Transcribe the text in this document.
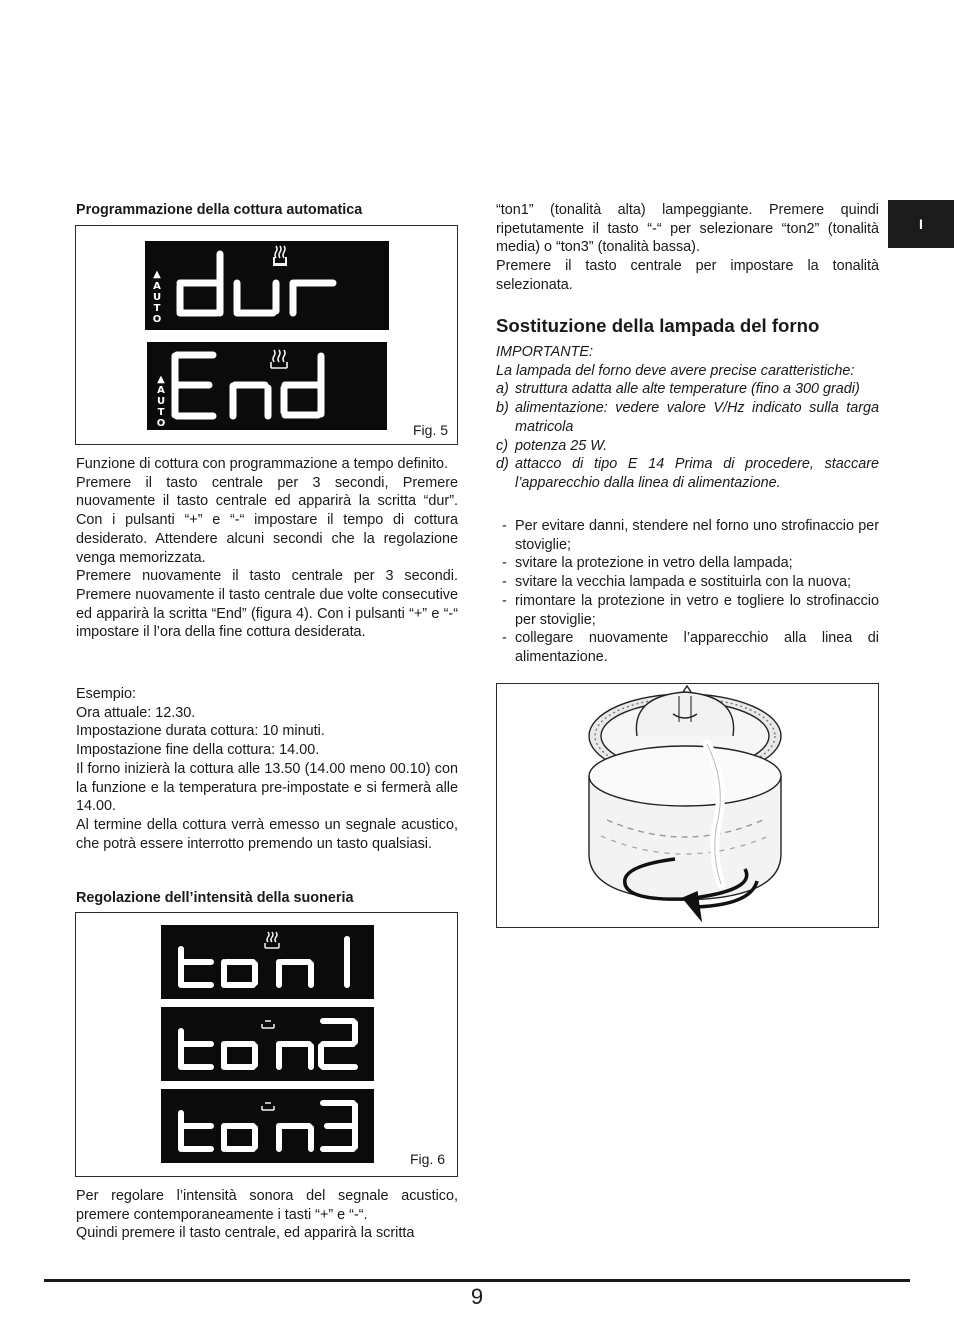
I

Programmazione della cottura automatica

▲
A
U
T
O
▲
A
U
T
O	Fig. 5

Funzione di cottura con programmazione a tempo definito.

Premere il tasto centrale per 3 secondi, Premere nuovamente il tasto centrale ed apparirà la scritta “dur”. Con i pulsanti “+” e “-“ impostare il tempo di cottura desiderato. Attendere alcuni secondi che la regolazione venga memorizzata.

Premere nuovamente il tasto centrale per 3 secondi. Premere nuovamente il tasto centrale due volte consecutive ed apparirà la scritta “End” (figura 4). Con i pulsanti “+” e “-“ impostare il l’ora della fine cottura desiderata.

Esempio:

Ora attuale: 12.30.

Impostazione durata cottura: 10 minuti.

Impostazione fine della cottura: 14.00.

Il forno inizierà la cottura alle 13.50 (14.00 meno 00.10) con la funzione e la temperatura pre-impostate e si fermerà alle 14.00.

Al termine della cottura verrà emesso un segnale acustico, che potrà essere interrotto premendo un tasto qualsiasi.

Regolazione dell’intensità della suoneria

Fig. 6

Per regolare l’intensità sonora del segnale acustico, premere contemporaneamente i tasti “+” e “-“.

Quindi premere il tasto centrale, ed apparirà la scritta

“ton1” (tonalità alta) lampeggiante. Premere quindi ripetutamente il tasto “-“ per selezionare “ton2” (tonalità media) o “ton3” (tonalità bassa).

Premere il tasto centrale per impostare la tonalità selezionata.

Sostituzione della lampada del forno

IMPORTANTE:

La lampada del forno deve avere precise caratteristiche:

a) struttura adatta alle alte temperature (fino a 300 gradi)
b) alimentazione: vedere valore V/Hz indicato sulla targa matricola
c) potenza 25 W.
d) attacco di tipo E 14 Prima di procedere, staccare l’apparecchio dalla linea di alimentazione.
- Per evitare danni, stendere nel forno uno strofinaccio per stoviglie;
- svitare la protezione in vetro della lampada;
- svitare la vecchia lampada e sostituirla con la nuova;
- rimontare la protezione in vetro e togliere lo strofinaccio per stoviglie;
- collegare nuovamente l’apparecchio alla linea di alimentazione.
9
